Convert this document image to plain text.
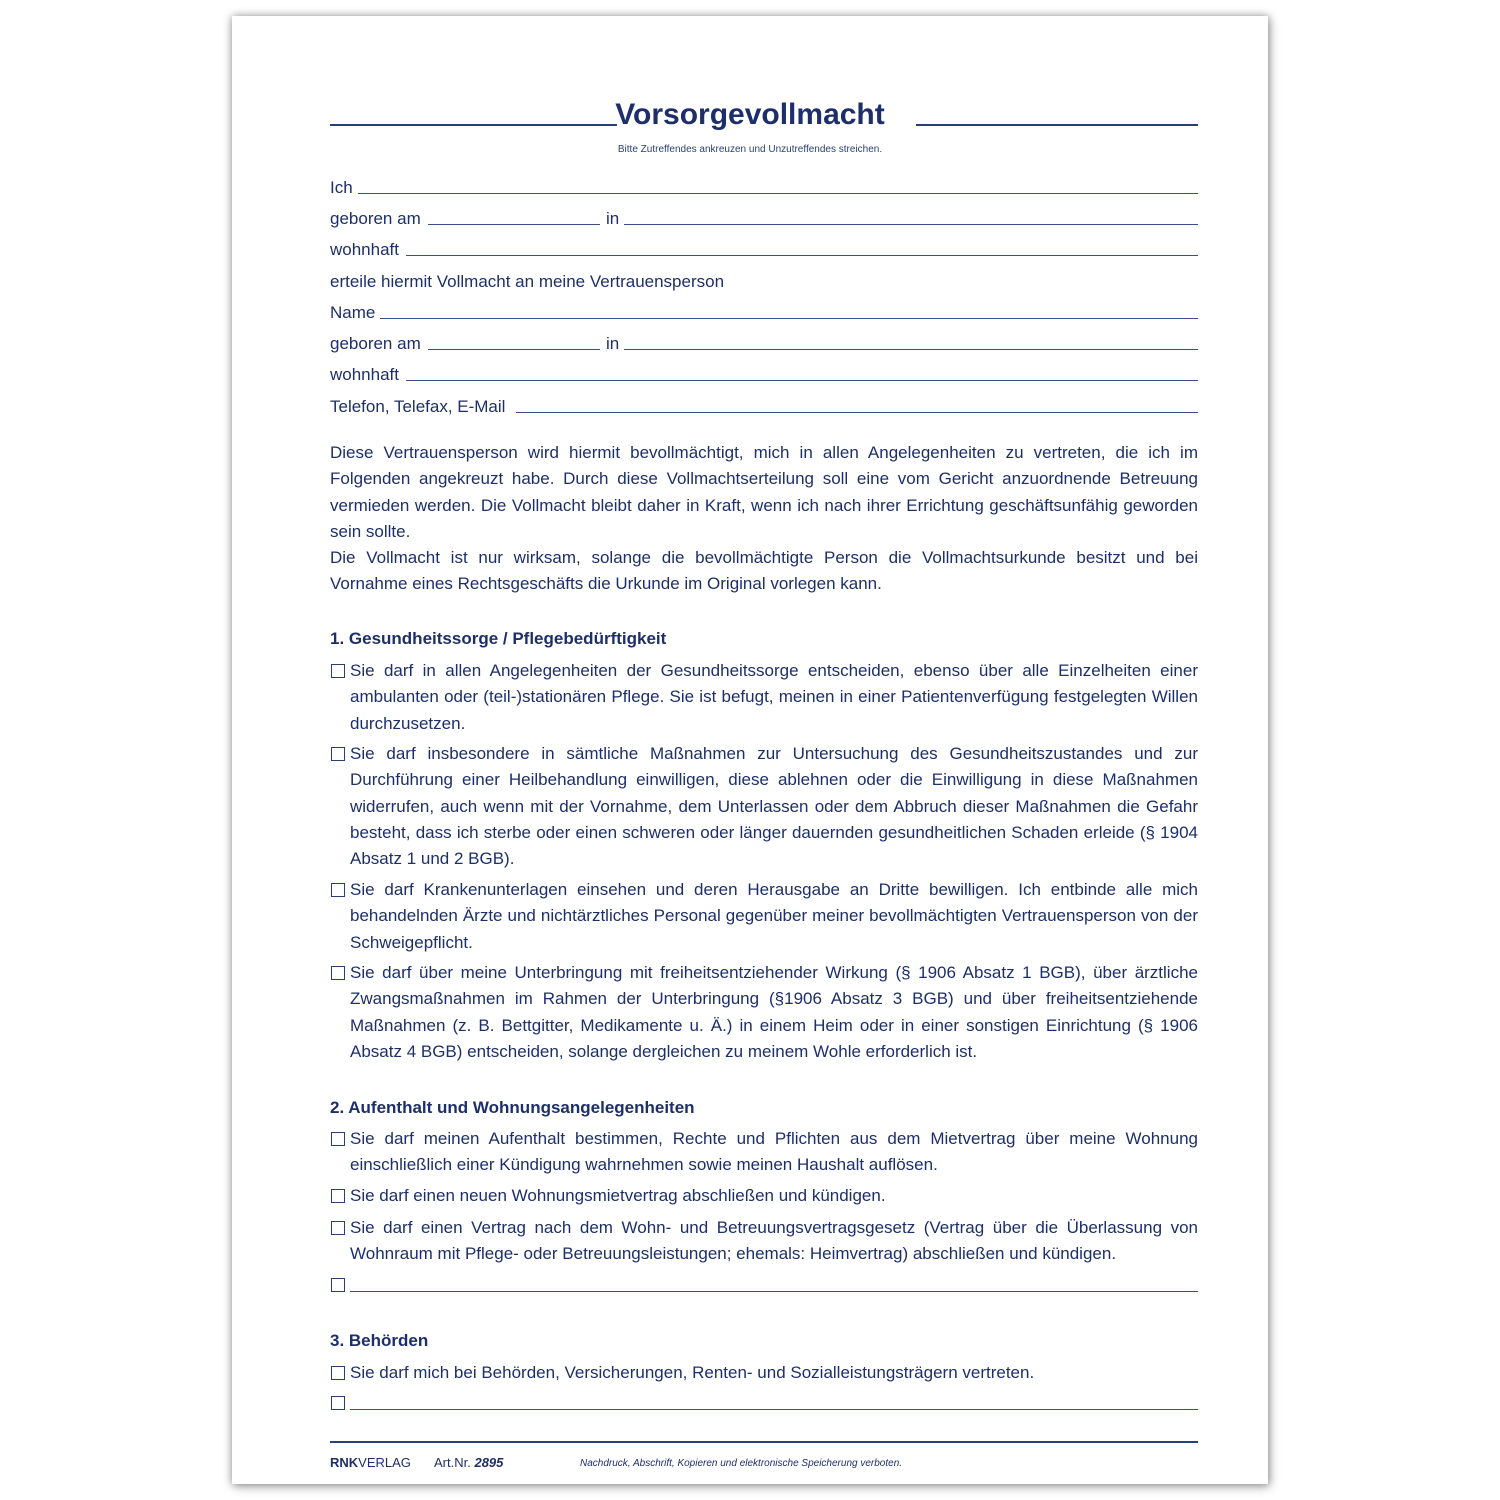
Vorsorgevollmacht
Bitte Zutreffendes ankreuzen und Unzutreffendes streichen.
Ich
geboren am	in
wohnhaft
erteile hiermit Vollmacht an meine Vertrauensperson
Name
geboren am	in
wohnhaft
Telefon, Telefax, E-Mail
Diese Vertrauensperson wird hiermit bevollmächtigt, mich in allen Angelegenheiten zu vertreten, die ich im Folgenden angekreuzt habe. Durch diese Vollmachtserteilung soll eine vom Gericht anzuordnende Betreuung vermieden werden. Die Vollmacht bleibt daher in Kraft, wenn ich nach ihrer Errichtung geschäftsunfähig geworden sein sollte.
Die Vollmacht ist nur wirksam, solange die bevollmächtigte Person die Vollmachtsurkunde besitzt und bei Vornahme eines Rechtsgeschäfts die Urkunde im Original vorlegen kann.
1. Gesundheitssorge / Pflegebedürftigkeit
Sie darf in allen Angelegenheiten der Gesundheitssorge entscheiden, ebenso über alle Einzelheiten einer ambulanten oder (teil-)stationären Pflege. Sie ist befugt, meinen in einer Patientenverfügung festgelegten Willen durchzusetzen.
Sie darf insbesondere in sämtliche Maßnahmen zur Untersuchung des Gesundheitszustandes und zur Durchführung einer Heilbehandlung einwilligen, diese ablehnen oder die Einwilligung in diese Maßnahmen widerrufen, auch wenn mit der Vornahme, dem Unterlassen oder dem Abbruch dieser Maßnahmen die Gefahr besteht, dass ich sterbe oder einen schweren oder länger dauernden gesundheitlichen Schaden erleide (§ 1904 Absatz 1 und 2 BGB).
Sie darf Krankenunterlagen einsehen und deren Herausgabe an Dritte bewilligen. Ich entbinde alle mich behandelnden Ärzte und nichtärztliches Personal gegenüber meiner bevollmächtigten Vertrauensperson von der Schweigepflicht.
Sie darf über meine Unterbringung mit freiheitsentziehender Wirkung (§ 1906 Absatz 1 BGB), über ärztliche Zwangsmaßnahmen im Rahmen der Unterbringung (§1906 Absatz 3 BGB) und über freiheitsentziehende Maßnahmen (z. B. Bettgitter, Medikamente u. Ä.) in einem Heim oder in einer sonstigen Einrichtung (§ 1906 Absatz 4 BGB) entscheiden, solange dergleichen zu meinem Wohle erforderlich ist.
2. Aufenthalt und Wohnungsangelegenheiten
Sie darf meinen Aufenthalt bestimmen, Rechte und Pflichten aus dem Mietvertrag über meine Wohnung einschließlich einer Kündigung wahrnehmen sowie meinen Haushalt auflösen.
Sie darf einen neuen Wohnungsmietvertrag abschließen und kündigen.
Sie darf einen Vertrag nach dem Wohn- und Betreuungsvertragsgesetz (Vertrag über die Überlassung von Wohnraum mit Pflege- oder Betreuungsleistungen; ehemals: Heimvertrag) abschließen und kündigen.
3. Behörden
Sie darf mich bei Behörden, Versicherungen, Renten- und Sozialleistungsträgern vertreten.
RNKVERLAG Art.Nr. 2895	Nachdruck, Abschrift, Kopieren und elektronische Speicherung verboten.
